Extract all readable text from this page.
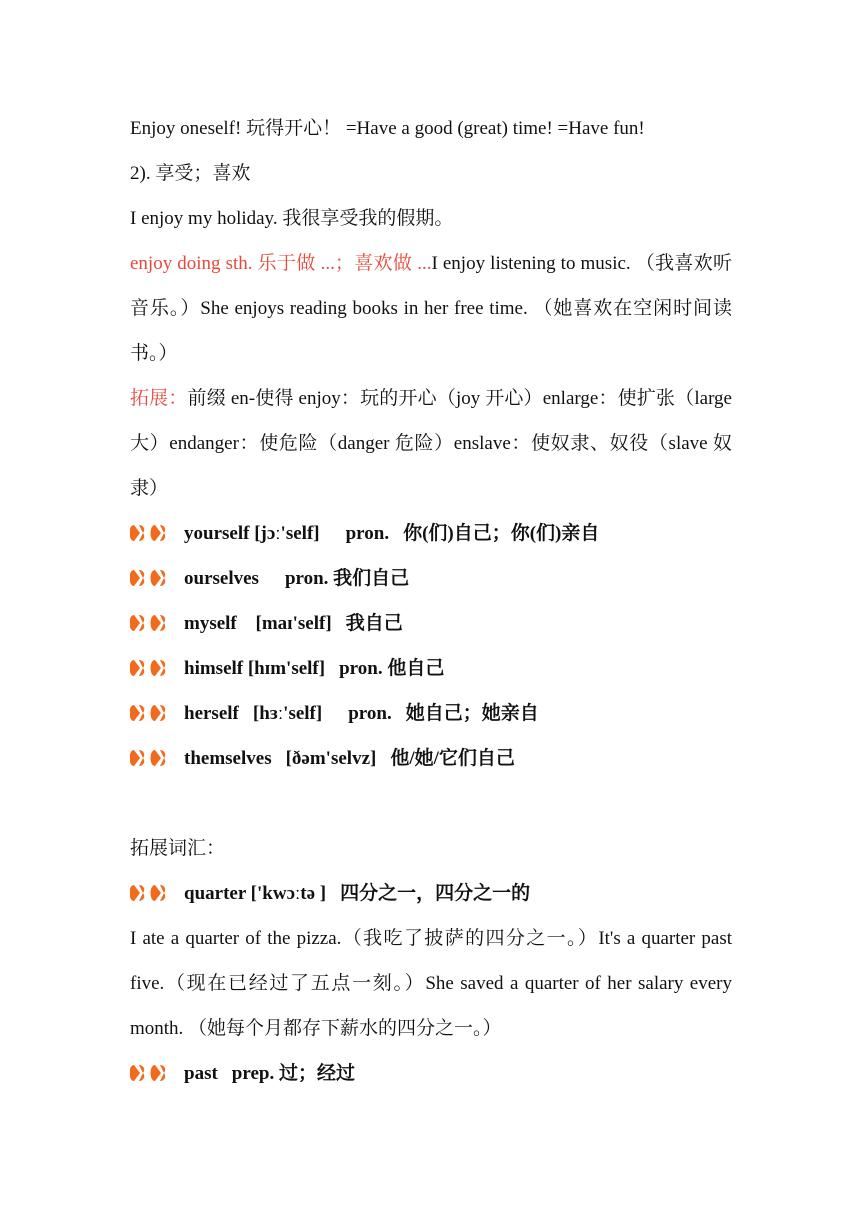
Enjoy oneself! 玩得开心！ =Have a good (great) time! =Have fun!
2). 享受；喜欢
I enjoy my holiday. 我很享受我的假期。
enjoy doing sth. 乐于做 ...；喜欢做 ...I enjoy listening to music. （我喜欢听音乐。）She enjoys reading books in her free time. （她喜欢在空闲时间读书。）
拓展：前缀 en-使得 enjoy：玩的开心（joy 开心）enlarge：使扩张（large 大）endanger：使危险（danger 危险）enslave：使奴隶、奴役（slave 奴隶）
yourself [jɔː'self] pron. 你(们)自己；你(们)亲自
ourselves pron. 我们自己
myself [maɪ'self] 我自己
himself [hɪm'self] pron. 他自己
herself [hɜː'self] pron. 她自己；她亲自
themselves [ðəm'selvz] 他/她/它们自己
拓展词汇：
quarter ['kwɔːtə ] 四分之一，四分之一的
I ate a quarter of the pizza.（我吃了披萨的四分之一。）It's a quarter past five.（现在已经过了五点一刻。）She saved a quarter of her salary every month. （她每个月都存下薪水的四分之一。）
past prep. 过；经过
